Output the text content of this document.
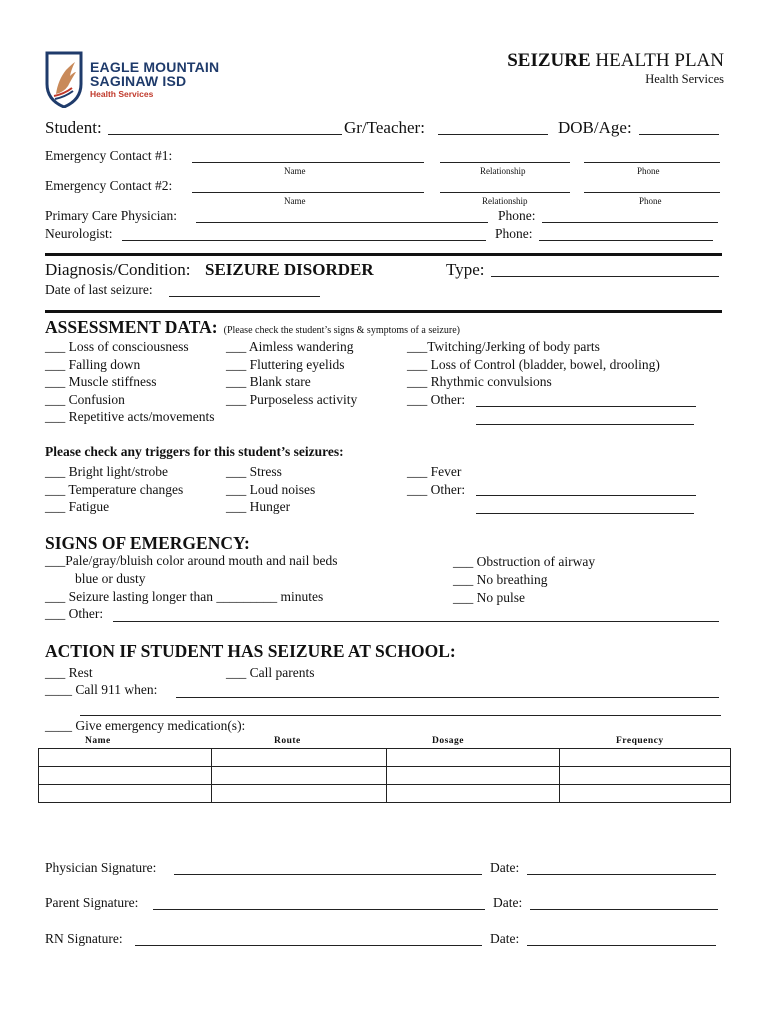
EAGLE MOUNTAIN
SAGINAW ISD
Health Services
SEIZURE HEALTH PLAN
Health Services
Student:	Gr/Teacher:	DOB/Age:
Emergency Contact #1:
Name	Relationship	Phone
Emergency Contact #2:
Name	Relationship	Phone
Primary Care Physician:	Phone:
Neurologist:	Phone:
Diagnosis/Condition: SEIZURE DISORDER	Type:
Date of last seizure:
ASSESSMENT DATA: (Please check the student’s signs & symptoms of a seizure)
___ Loss of consciousness
___ Falling down
___ Muscle stiffness
___ Confusion
___ Repetitive acts/movements
___ Aimless wandering
___ Fluttering eyelids
___ Blank stare
___ Purposeless activity
___Twitching/Jerking of body parts
___ Loss of Control (bladder, bowel, drooling)
___ Rhythmic convulsions
___ Other:
Please check any triggers for this student’s seizures:
___ Bright light/strobe
___ Temperature changes
___ Fatigue
___ Stress
___ Loud noises
___ Hunger
___ Fever
___ Other:
SIGNS OF EMERGENCY:
___Pale/gray/bluish color around mouth and nail beds
blue or dusty
___ Seizure lasting longer than _________ minutes
___ Other:
___ Obstruction of airway
___ No breathing
___ No pulse
ACTION IF STUDENT HAS SEIZURE AT SCHOOL:
___ Rest	___ Call parents
____ Call 911 when:
____ Give emergency medication(s):
Name	Route	Dosage	Frequency

Physician Signature:	Date:
Parent Signature:	Date:
RN Signature:	Date:
